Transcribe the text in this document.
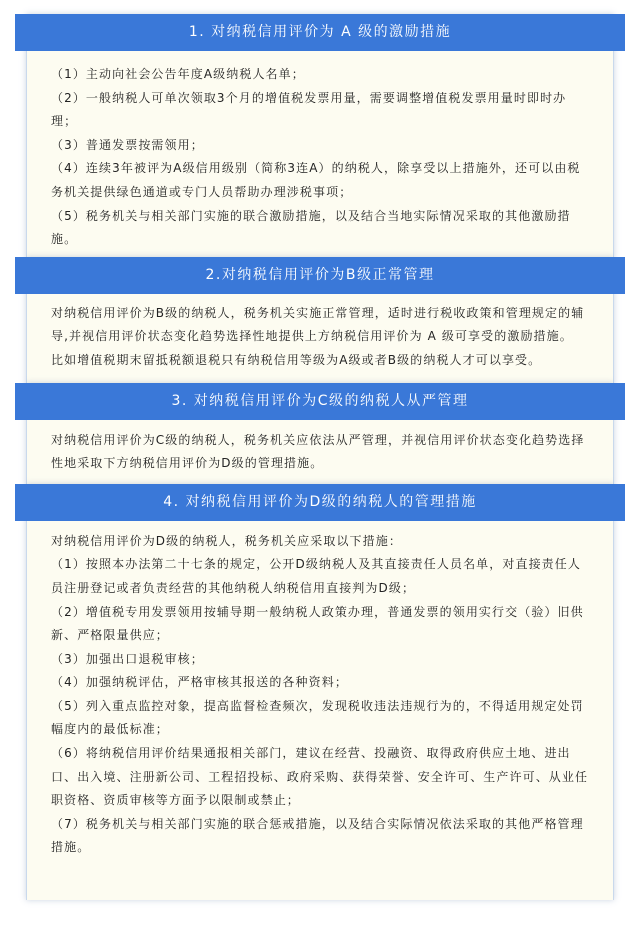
1. 对纳税信用评价为 A 级的激励措施

（1）主动向社会公告年度A级纳税人名单；

（2）一般纳税人可单次领取3个月的增值税发票用量，需要调整增值税发票用量时即时办理；

（3）普通发票按需领用；

（4）连续3年被评为A级信用级别（简称3连A）的纳税人，除享受以上措施外，还可以由税务机关提供绿色通道或专门人员帮助办理涉税事项；

（5）税务机关与相关部门实施的联合激励措施，以及结合当地实际情况采取的其他激励措施。

2.对纳税信用评价为B级正常管理

对纳税信用评价为B级的纳税人，税务机关实施正常管理，适时进行税收政策和管理规定的辅导,并视信用评价状态变化趋势选择性地提供上方纳税信用评价为 A 级可享受的激励措施。

比如增值税期末留抵税额退税只有纳税信用等级为A级或者B级的纳税人才可以享受。

3. 对纳税信用评价为C级的纳税人从严管理

对纳税信用评价为C级的纳税人，税务机关应依法从严管理，并视信用评价状态变化趋势选择性地采取下方纳税信用评价为D级的管理措施。

4. 对纳税信用评价为D级的纳税人的管理措施

对纳税信用评价为D级的纳税人，税务机关应采取以下措施：

（1）按照本办法第二十七条的规定，公开D级纳税人及其直接责任人员名单，对直接责任人员注册登记或者负责经营的其他纳税人纳税信用直接判为D级；

（2）增值税专用发票领用按辅导期一般纳税人政策办理，普通发票的领用实行交（验）旧供新、严格限量供应；

（3）加强出口退税审核；

（4）加强纳税评估，严格审核其报送的各种资料；

（5）列入重点监控对象，提高监督检查频次，发现税收违法违规行为的，不得适用规定处罚幅度内的最低标准；

（6）将纳税信用评价结果通报相关部门，建议在经营、投融资、取得政府供应土地、进出口、出入境、注册新公司、工程招投标、政府采购、获得荣誉、安全许可、生产许可、从业任职资格、资质审核等方面予以限制或禁止；

（7）税务机关与相关部门实施的联合惩戒措施，以及结合实际情况依法采取的其他严格管理措施。
